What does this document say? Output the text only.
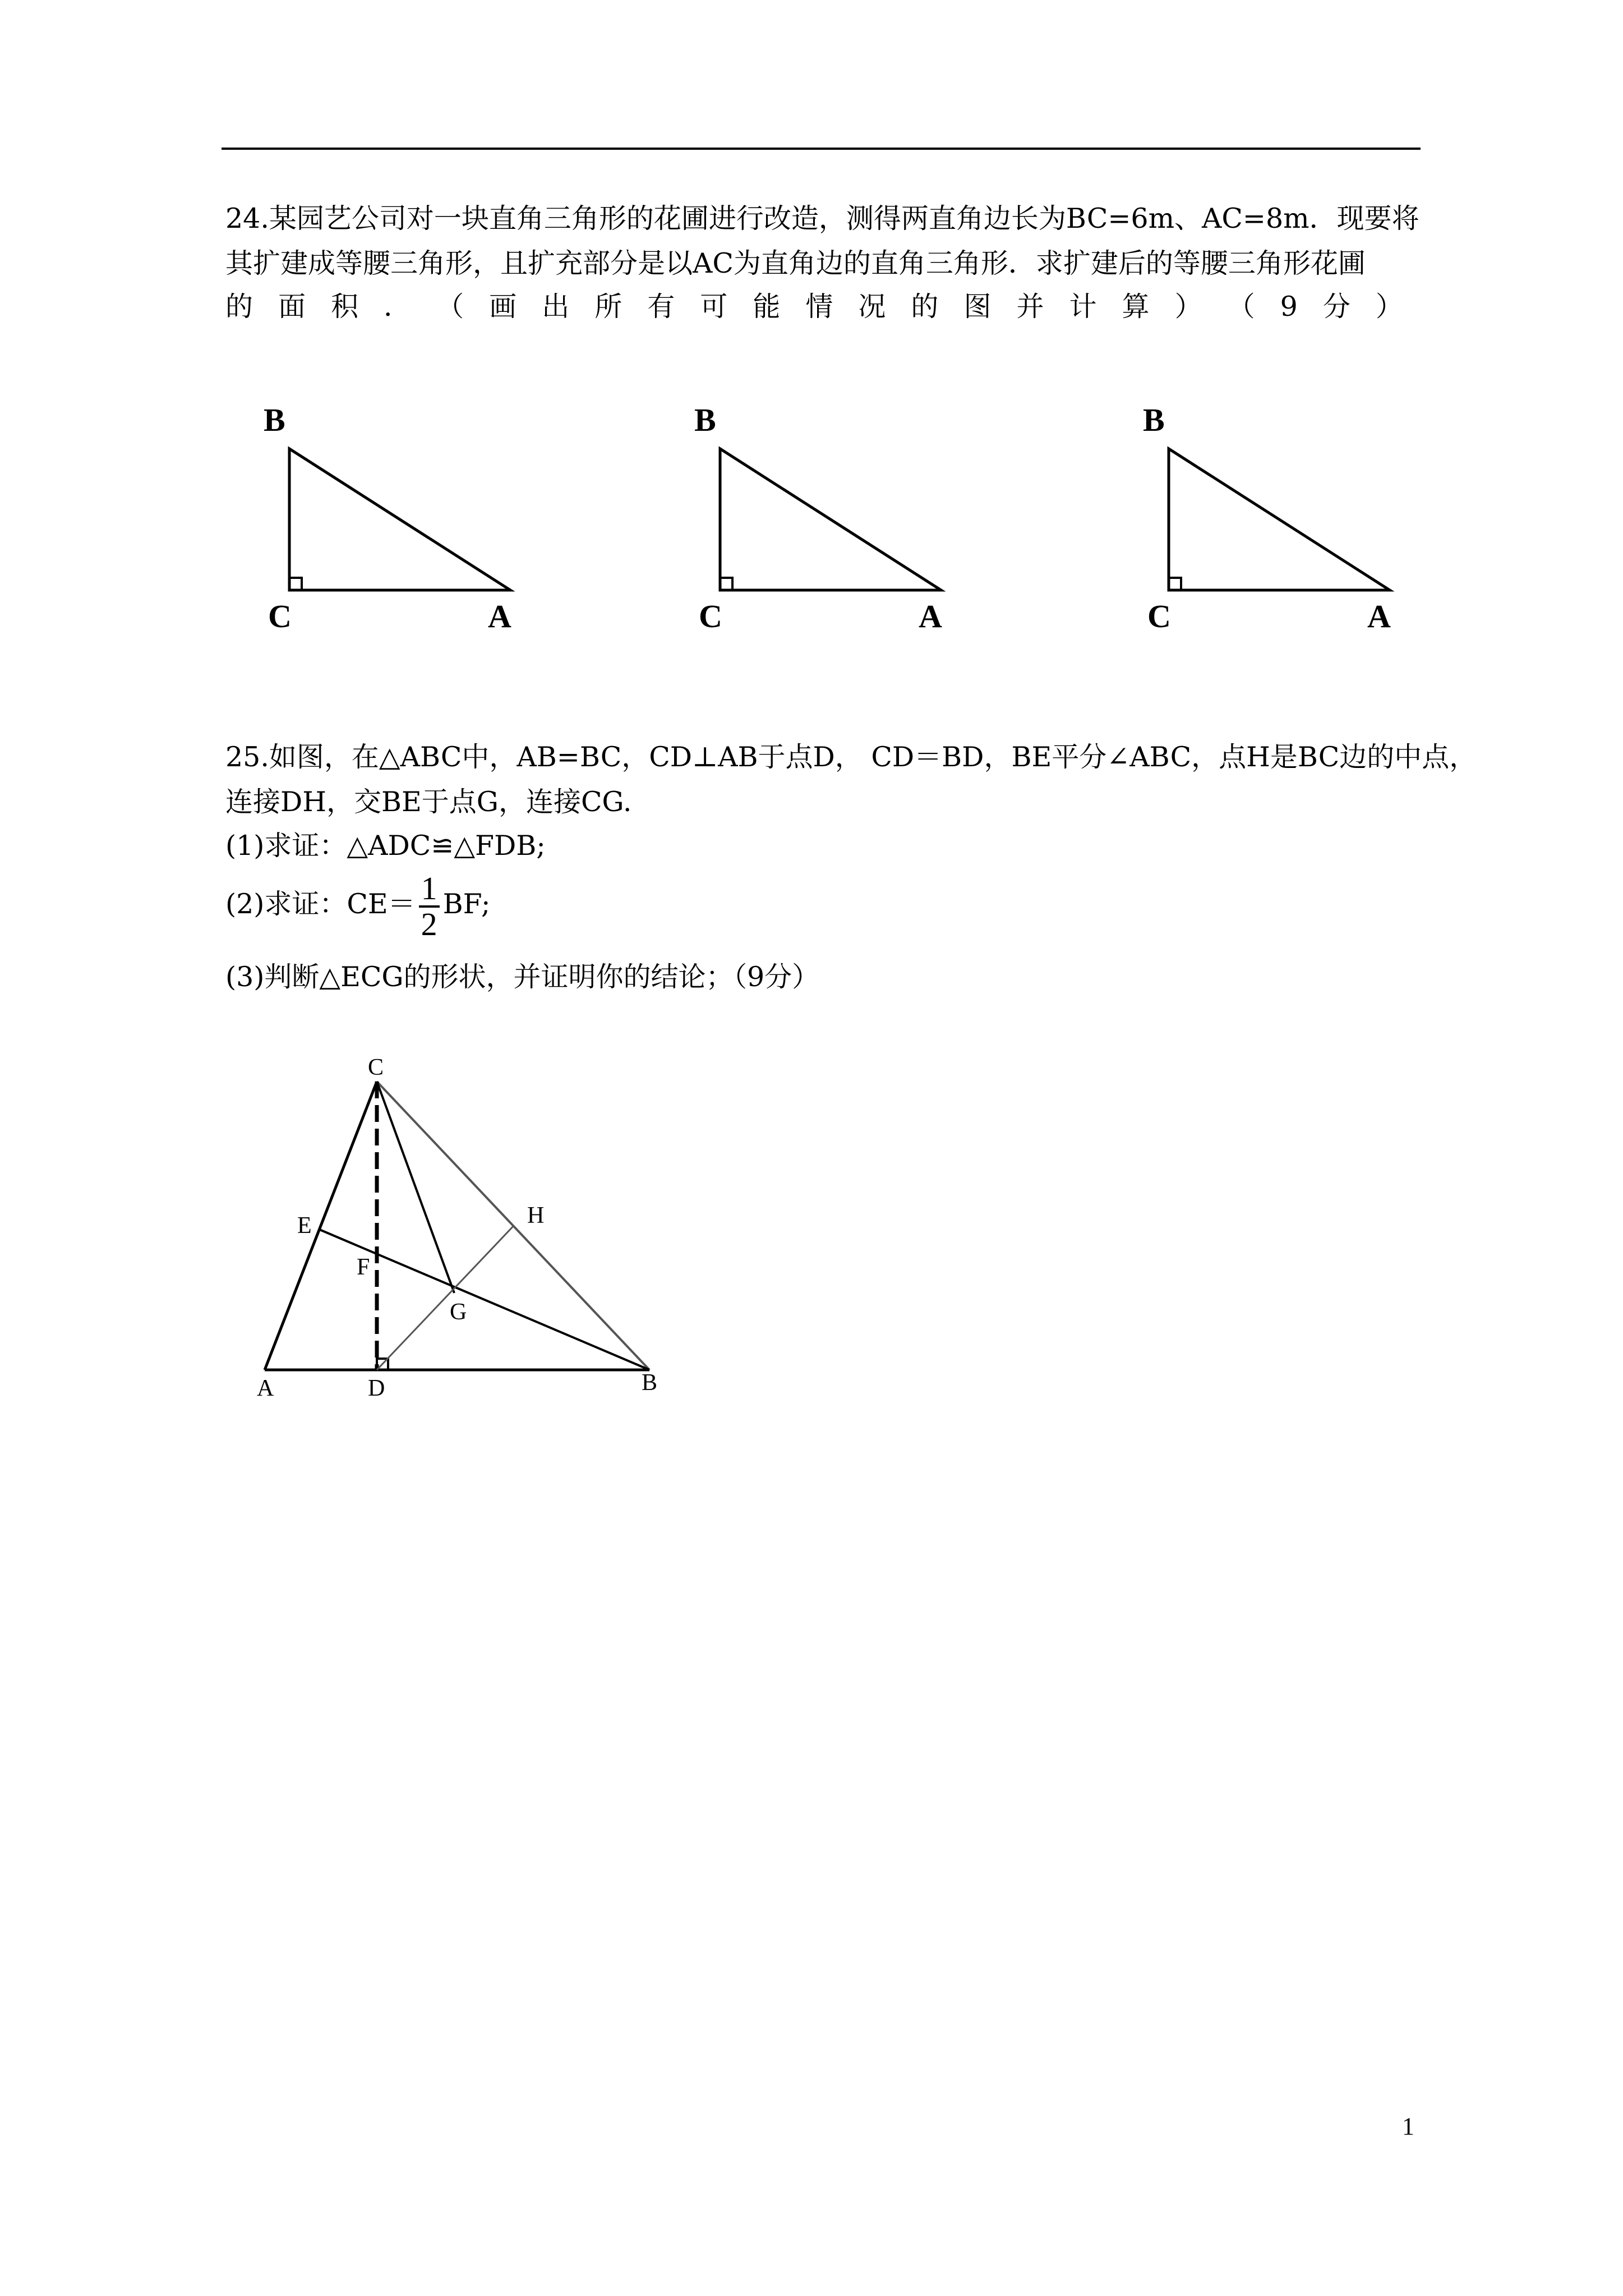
24.某园艺公司对一块直角三角形的花圃进行改造，测得两直角边长为BC=6m、AC=8m．现要将
其扩建成等腰三角形，且扩充部分是以AC为直角边的直角三角形．求扩建后的等腰三角形花圃
的 面 积 ． （ 画 出 所 有 可 能 情 况 的 图 并 计 算 ） （ 9 分 ）
B
C	A
B
C	A
B
C	A
25.如图，在△ABC中，AB=BC，CD⊥AB于点D， CD＝BD，BE平分∠ABC，点H是BC边的中点，
连接DH，交BE于点G，连接CG.
(1)求证：△ADC≌△FDB;
(2)求证：$CE= \frac{1}{2}$ BF;
(3)判断△ECG的形状，并证明你的结论；（9分）
C
E
F
H
G
A	D	B
1
